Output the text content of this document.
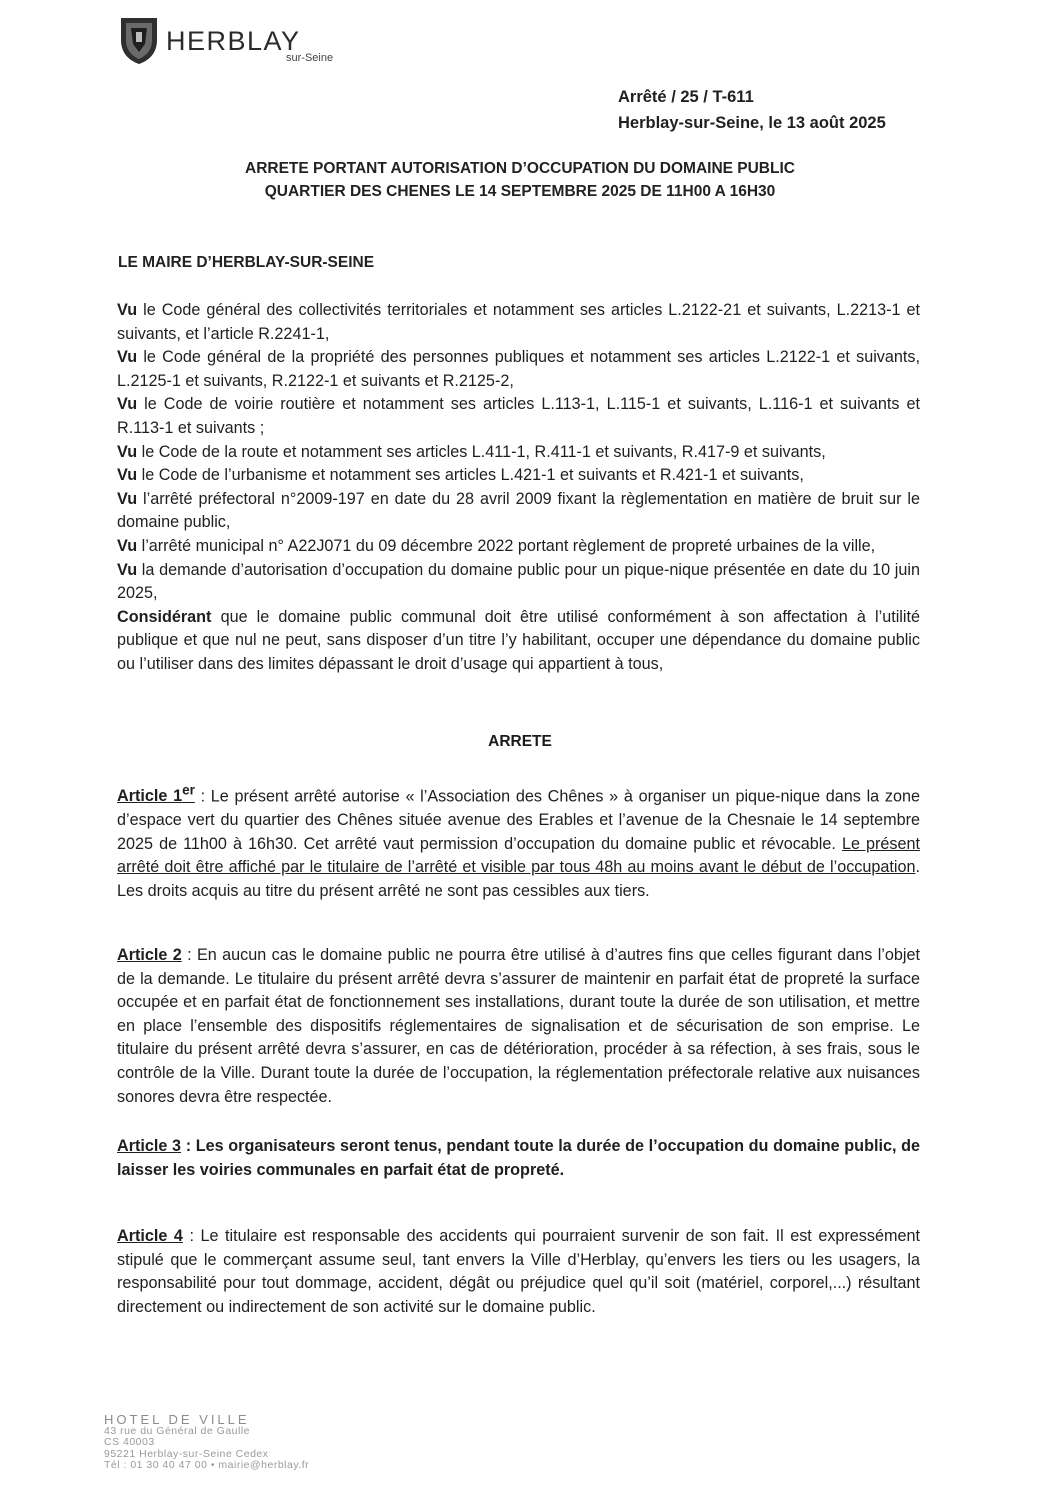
HERBLAY
sur-Seine
Arrêté / 25 / T-611
Herblay-sur-Seine, le 13 août 2025
ARRETE PORTANT AUTORISATION D’OCCUPATION DU DOMAINE PUBLIC
QUARTIER DES CHENES LE 14 SEPTEMBRE 2025 DE 11H00 A 16H30
LE MAIRE D’HERBLAY-SUR-SEINE

Vu le Code général des collectivités territoriales et notamment ses articles L.2122-21 et suivants, L.2213-1 et suivants, et l’article R.2241-1,

Vu le Code général de la propriété des personnes publiques et notamment ses articles L.2122-1 et suivants, L.2125-1 et suivants, R.2122-1 et suivants et R.2125-2,

Vu le Code de voirie routière et notamment ses articles L.113-1, L.115-1 et suivants, L.116-1 et suivants et R.113-1 et suivants ;

Vu le Code de la route et notamment ses articles L.411-1, R.411-1 et suivants, R.417-9 et suivants,

Vu le Code de l’urbanisme et notamment ses articles L.421-1 et suivants et R.421-1 et suivants,

Vu l’arrêté préfectoral n°2009-197 en date du 28 avril 2009 fixant la règlementation en matière de bruit sur le domaine public,

Vu l’arrêté municipal n° A22J071 du 09 décembre 2022 portant règlement de propreté urbaines de la ville,

Vu la demande d’autorisation d’occupation du domaine public pour un pique-nique présentée en date du 10 juin 2025,

Considérant que le domaine public communal doit être utilisé conformément à son affectation à l’utilité publique et que nul ne peut, sans disposer d’un titre l’y habilitant, occuper une dépendance du domaine public ou l’utiliser dans des limites dépassant le droit d’usage qui appartient à tous,

ARRETE

Article 1er : Le présent arrêté autorise « l’Association des Chênes » à organiser un pique-nique dans la zone d’espace vert du quartier des Chênes située avenue des Erables et l’avenue de la Chesnaie le 14 septembre 2025 de 11h00 à 16h30. Cet arrêté vaut permission d’occupation du domaine public et révocable. Le présent arrêté doit être affiché par le titulaire de l’arrêté et visible par tous 48h au moins avant le début de l’occupation. Les droits acquis au titre du présent arrêté ne sont pas cessibles aux tiers.

Article 2 : En aucun cas le domaine public ne pourra être utilisé à d’autres fins que celles figurant dans l’objet de la demande. Le titulaire du présent arrêté devra s’assurer de maintenir en parfait état de propreté la surface occupée et en parfait état de fonctionnement ses installations, durant toute la durée de son utilisation, et mettre en place l’ensemble des dispositifs réglementaires de signalisation et de sécurisation de son emprise. Le titulaire du présent arrêté devra s’assurer, en cas de détérioration, procéder à sa réfection, à ses frais, sous le contrôle de la Ville. Durant toute la durée de l’occupation, la réglementation préfectorale relative aux nuisances sonores devra être respectée.

Article 3 : Les organisateurs seront tenus, pendant toute la durée de l’occupation du domaine public, de laisser les voiries communales en parfait état de propreté.

Article 4 : Le titulaire est responsable des accidents qui pourraient survenir de son fait. Il est expressément stipulé que le commerçant assume seul, tant envers la Ville d’Herblay, qu’envers les tiers ou les usagers, la responsabilité pour tout dommage, accident, dégât ou préjudice quel qu’il soit (matériel, corporel,...) résultant directement ou indirectement de son activité sur le domaine public.

HOTEL DE VILLE
43 rue du Général de Gaulle
CS 40003
95221 Herblay-sur-Seine Cedex
Tél : 01 30 40 47 00 • mairie@herblay.fr
